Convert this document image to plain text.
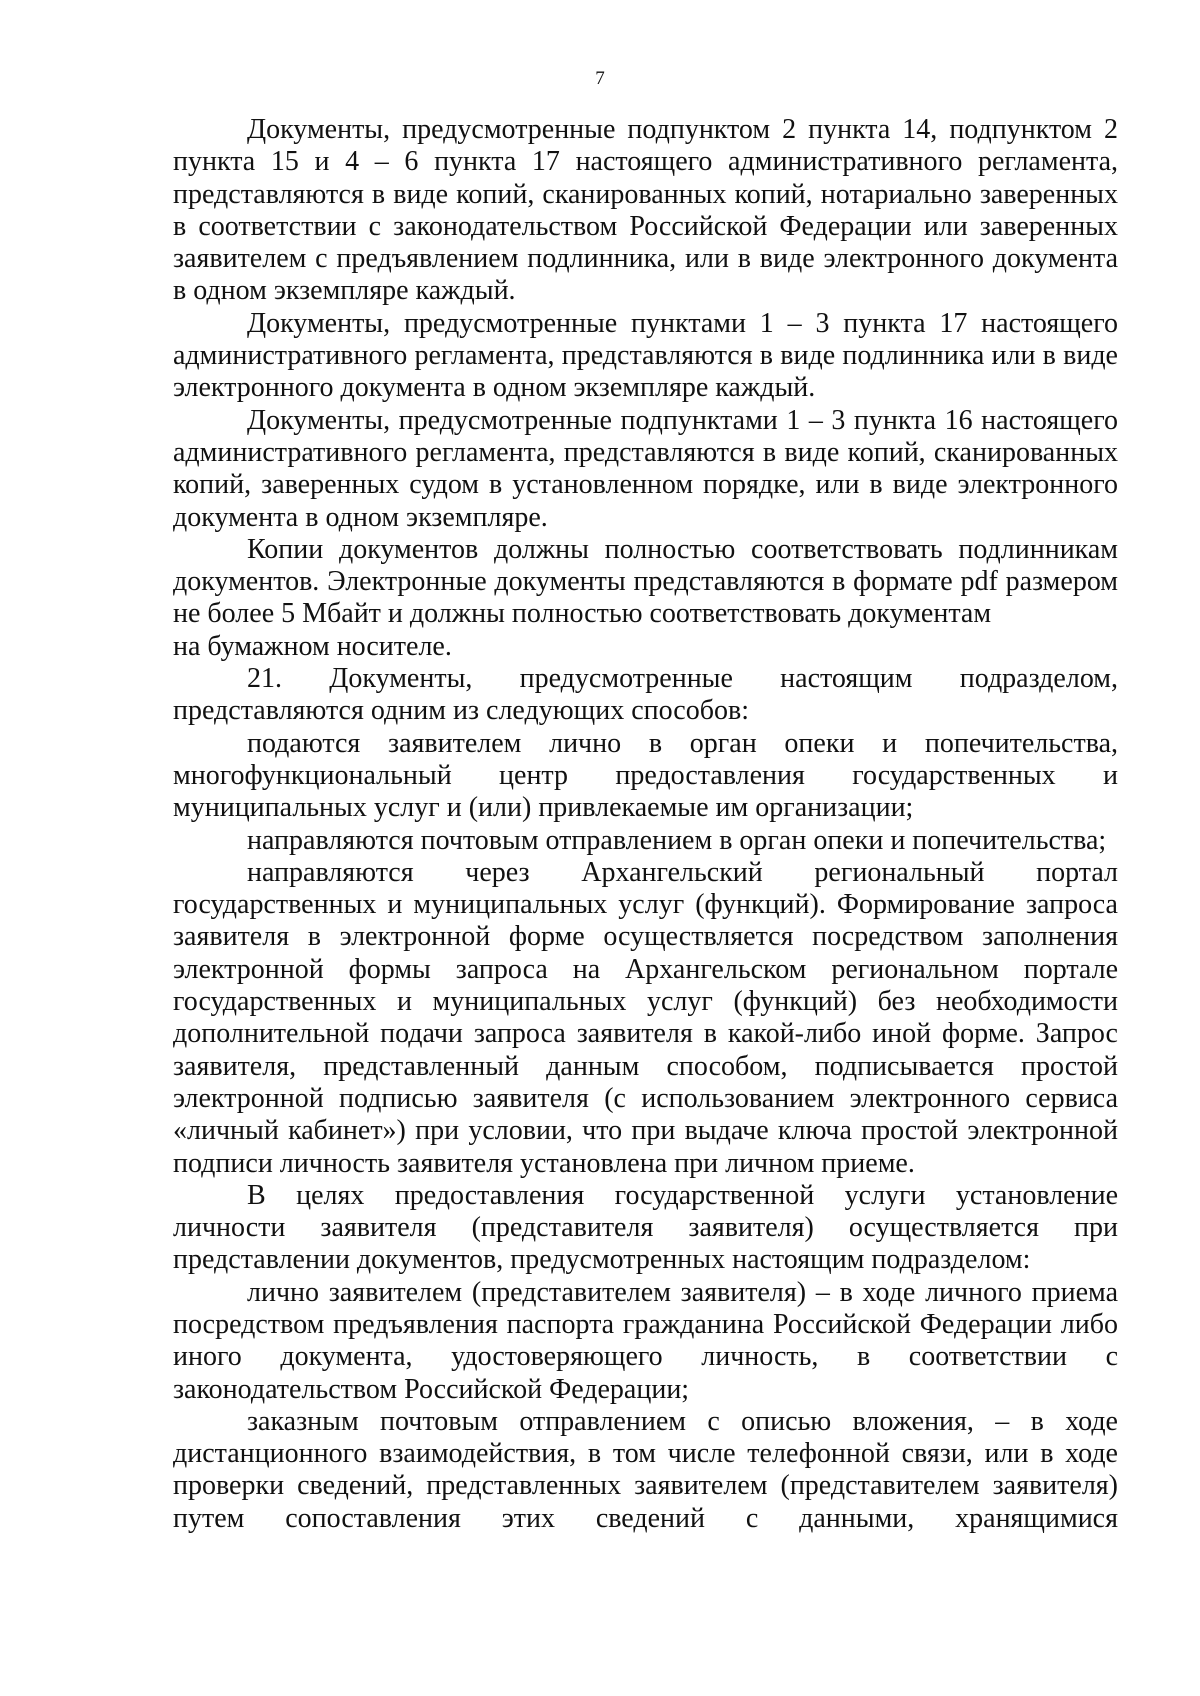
7

Документы, предусмотренные подпунктом 2 пункта 14, подпунктом 2 пункта 15 и 4 – 6 пункта 17 настоящего административного регламента, представляются в виде копий, сканированных копий, нотариально заверенных в соответствии с законодательством Российской Федерации или заверенных заявителем с предъявлением подлинника, или в виде электронного документа в одном экземпляре каждый.

Документы, предусмотренные пунктами 1 – 3 пункта 17 настоящего административного регламента, представляются в виде подлинника или в виде электронного документа в одном экземпляре каждый.

Документы, предусмотренные подпунктами 1 – 3 пункта 16 настоящего административного регламента, представляются в виде копий, сканированных копий, заверенных судом в установленном порядке, или в виде электронного документа в одном экземпляре.

Копии документов должны полностью соответствовать подлинникам документов. Электронные документы представляются в формате pdf размером не более 5 Мбайт и должны полностью соответствовать документам

на бумажном носителе.

21. Документы, предусмотренные настоящим подразделом, представляются одним из следующих способов:

подаются заявителем лично в орган опеки и попечительства, многофункциональный центр предоставления государственных и муниципальных услуг и (или) привлекаемые им организации;

направляются почтовым отправлением в орган опеки и попечительства;

направляются через Архангельский региональный портал государственных и муниципальных услуг (функций). Формирование запроса заявителя в электронной форме осуществляется посредством заполнения электронной формы запроса на Архангельском региональном портале государственных и муниципальных услуг (функций) без необходимости дополнительной подачи запроса заявителя в какой-либо иной форме. Запрос заявителя, представленный данным способом, подписывается простой электронной подписью заявителя (с использованием электронного сервиса «личный кабинет») при условии, что при выдаче ключа простой электронной подписи личность заявителя установлена при личном приеме.

В целях предоставления государственной услуги установление личности заявителя (представителя заявителя) осуществляется при представлении документов, предусмотренных настоящим подразделом:

лично заявителем (представителем заявителя) – в ходе личного приема посредством предъявления паспорта гражданина Российской Федерации либо иного документа, удостоверяющего личность, в соответствии с законодательством Российской Федерации;

заказным почтовым отправлением с описью вложения, – в ходе дистанционного взаимодействия, в том числе телефонной связи, или в ходе проверки сведений, представленных заявителем (представителем заявителя) путем сопоставления этих сведений с данными, хранящимися
